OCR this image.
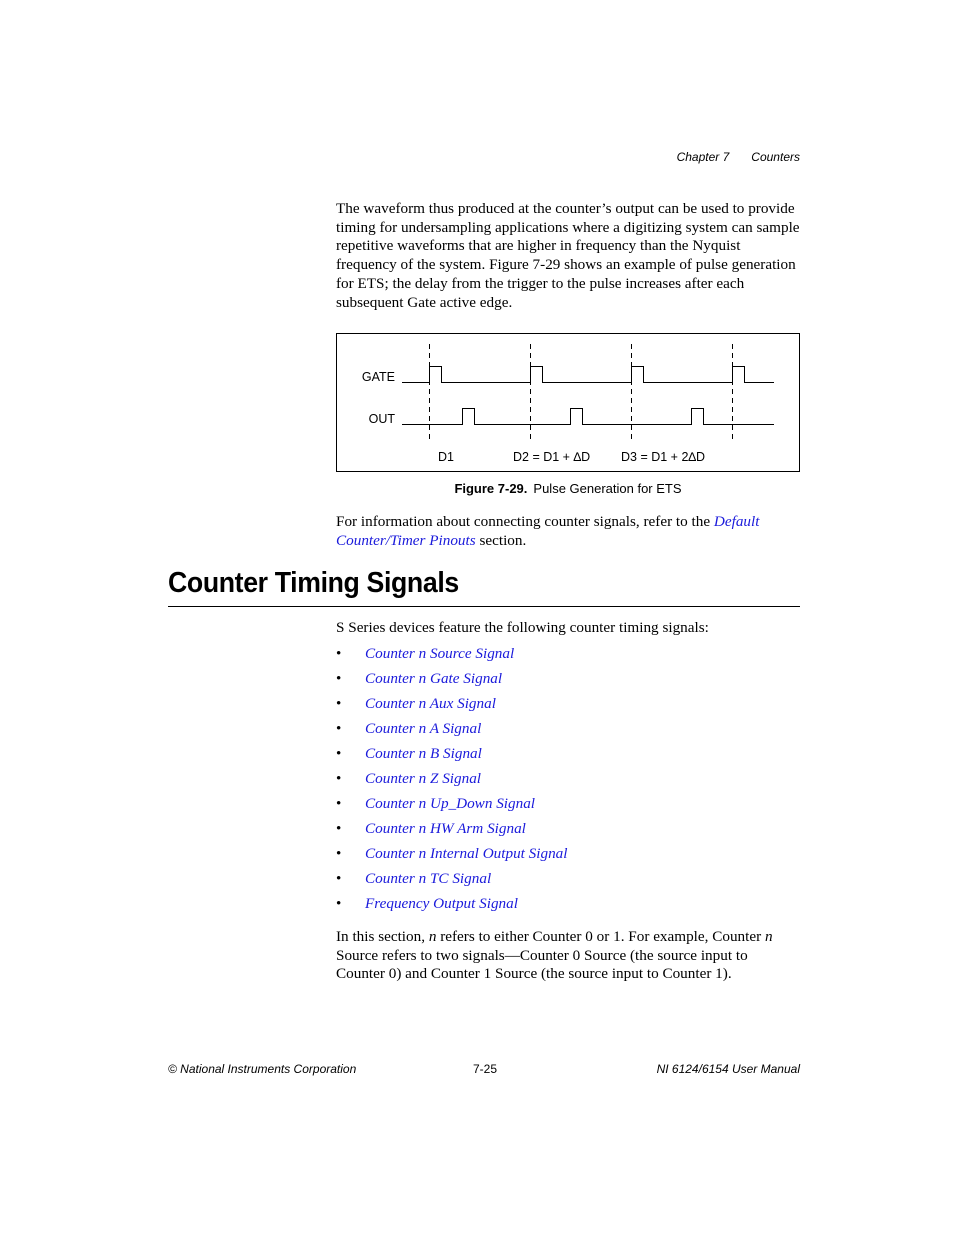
Chapter 7 Counters

The waveform thus produced at the counter’s output can be used to provide timing for undersampling applications where a digitizing system can sample repetitive waveforms that are higher in frequency than the Nyquist frequency of the system. Figure 7-29 shows an example of pulse generation for ETS; the delay from the trigger to the pulse increases after each subsequent Gate active edge.

GATE
OUT
D1	D2 = D1 + ∆D D3 = D1 + 2∆D
Figure 7-29. Pulse Generation for ETS

For information about connecting counter signals, refer to the Default Counter/Timer Pinouts section.

Counter Timing Signals

S Series devices feature the following counter timing signals:

• Counter n Source Signal
• Counter n Gate Signal
• Counter n Aux Signal
• Counter n A Signal
• Counter n B Signal
• Counter n Z Signal
• Counter n Up_Down Signal
• Counter n HW Arm Signal
• Counter n Internal Output Signal
• Counter n TC Signal
• Frequency Output Signal

In this section, n refers to either Counter 0 or 1. For example, Counter n Source refers to two signals—Counter 0 Source (the source input to Counter 0) and Counter 1 Source (the source input to Counter 1).

© National Instruments Corporation	7-25	NI 6124/6154 User Manual
